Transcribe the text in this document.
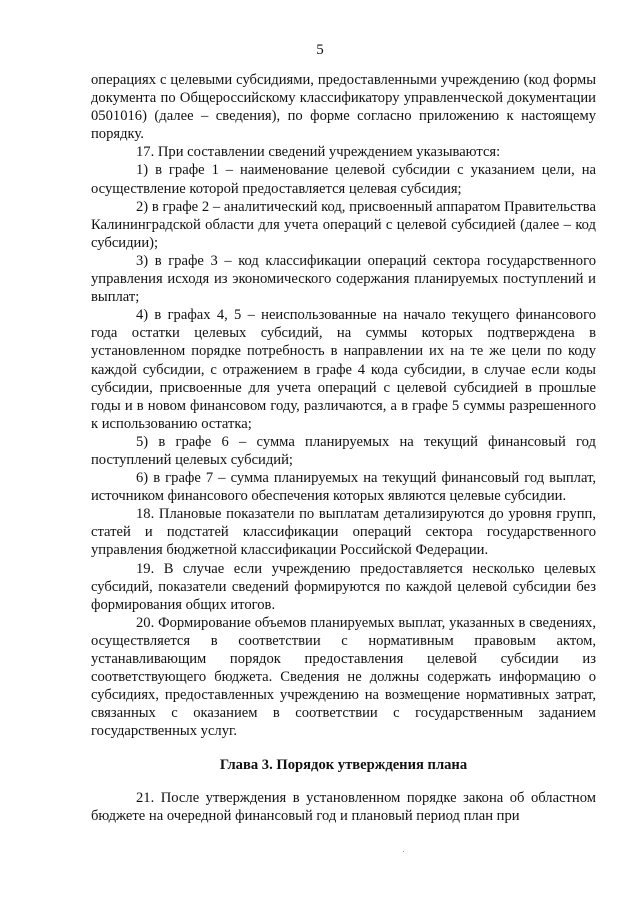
5

операциях с целевыми субсидиями, предоставленными учреждению (код формы документа по Общероссийскому классификатору управленческой документации 0501016) (далее – сведения), по форме согласно приложению к настоящему порядку.

17. При составлении сведений учреждением указываются:

1) в графе 1 – наименование целевой субсидии с указанием цели, на осуществление которой предоставляется целевая субсидия;

2) в графе 2 – аналитический код, присвоенный аппаратом Правительства Калининградской области для учета операций с целевой субсидией (далее – код субсидии);

3) в графе 3 – код классификации операций сектора государственного управления исходя из экономического содержания планируемых поступлений и выплат;

4) в графах 4, 5 – неиспользованные на начало текущего финансового года остатки целевых субсидий, на суммы которых подтверждена в установленном порядке потребность в направлении их на те же цели по коду каждой субсидии, с отражением в графе 4 кода субсидии, в случае если коды субсидии, присвоенные для учета операций с целевой субсидией в прошлые годы и в новом финансовом году, различаются, а в графе 5 суммы разрешенного к использованию остатка;

5) в графе 6 – сумма планируемых на текущий финансовый год поступлений целевых субсидий;

6) в графе 7 – сумма планируемых на текущий финансовый год выплат, источником финансового обеспечения которых являются целевые субсидии.

18. Плановые показатели по выплатам детализируются до уровня групп, статей и подстатей классификации операций сектора государственного управления бюджетной классификации Российской Федерации.

19. В случае если учреждению предоставляется несколько целевых субсидий, показатели сведений формируются по каждой целевой субсидии без формирования общих итогов.

20. Формирование объемов планируемых выплат, указанных в сведениях, осуществляется в соответствии с нормативным правовым актом, устанавливающим порядок предоставления целевой субсидии из соответствующего бюджета. Сведения не должны содержать информацию о субсидиях, предоставленных учреждению на возмещение нормативных затрат, связанных с оказанием в соответствии с государственным заданием государственных услуг.

Глава 3. Порядок утверждения плана

21. После утверждения в установленном порядке закона об областном бюджете на очередной финансовый год и плановый период план при
